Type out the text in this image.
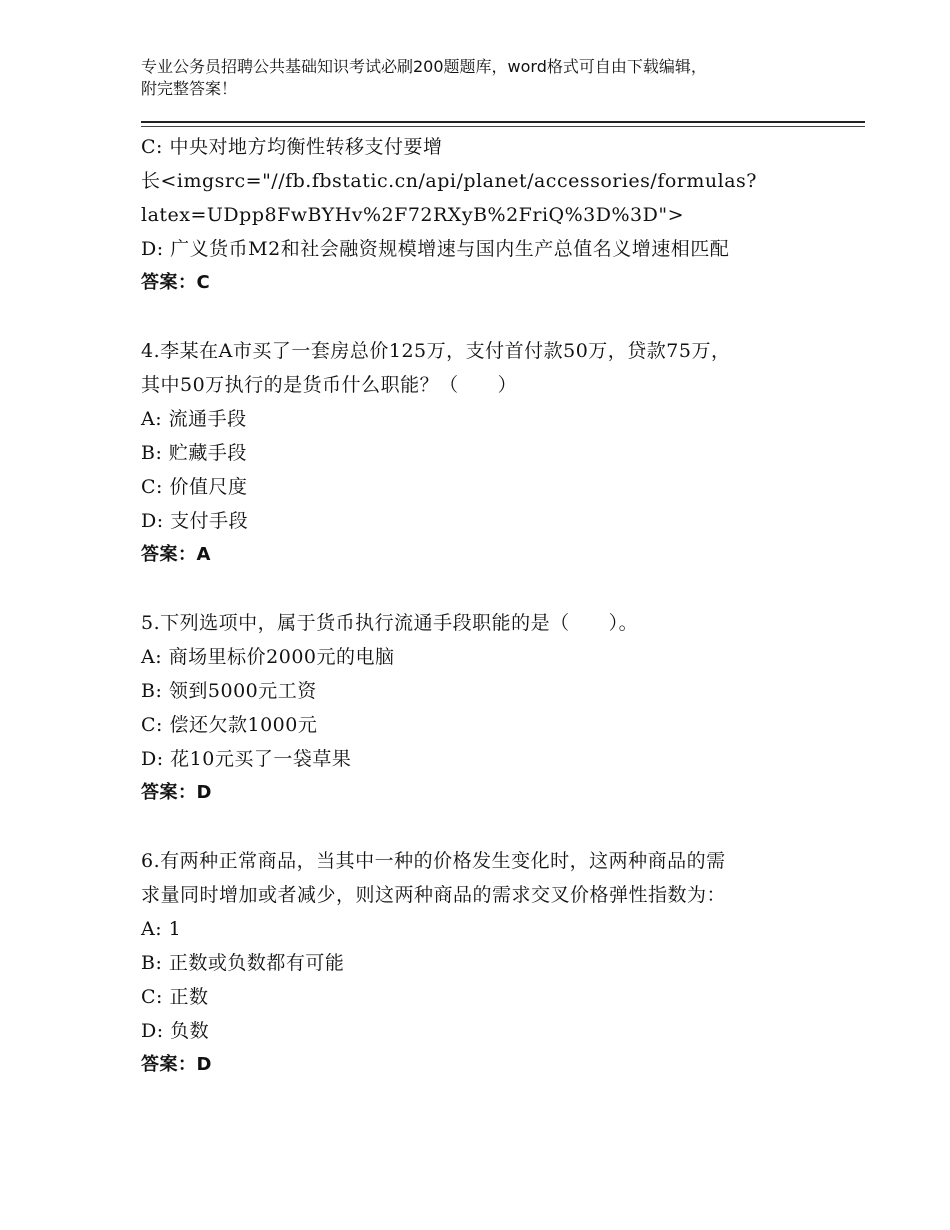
专业公务员招聘公共基础知识考试必刷200题题库，word格式可自由下载编辑，
附完整答案！
C: 中央对地方均衡性转移支付要增
长<imgsrc="//fb.fbstatic.cn/api/planet/accessories/formulas?
latex=UDpp8FwBYHv%2F72RXyB%2FriQ%3D%3D">
D: 广义货币M2和社会融资规模增速与国内生产总值名义增速相匹配
答案：C
4.李某在A市买了一套房总价125万，支付首付款50万，贷款75万，
其中50万执行的是货币什么职能？（　　）
A: 流通手段
B: 贮藏手段
C: 价值尺度
D: 支付手段
答案：A
5.下列选项中，属于货币执行流通手段职能的是（　　）。
A: 商场里标价2000元的电脑
B: 领到5000元工资
C: 偿还欠款1000元
D: 花10元买了一袋草果
答案：D
6.有两种正常商品，当其中一种的价格发生变化时，这两种商品的需
求量同时增加或者减少，则这两种商品的需求交叉价格弹性指数为：
A: 1
B: 正数或负数都有可能
C: 正数
D: 负数
答案：D
